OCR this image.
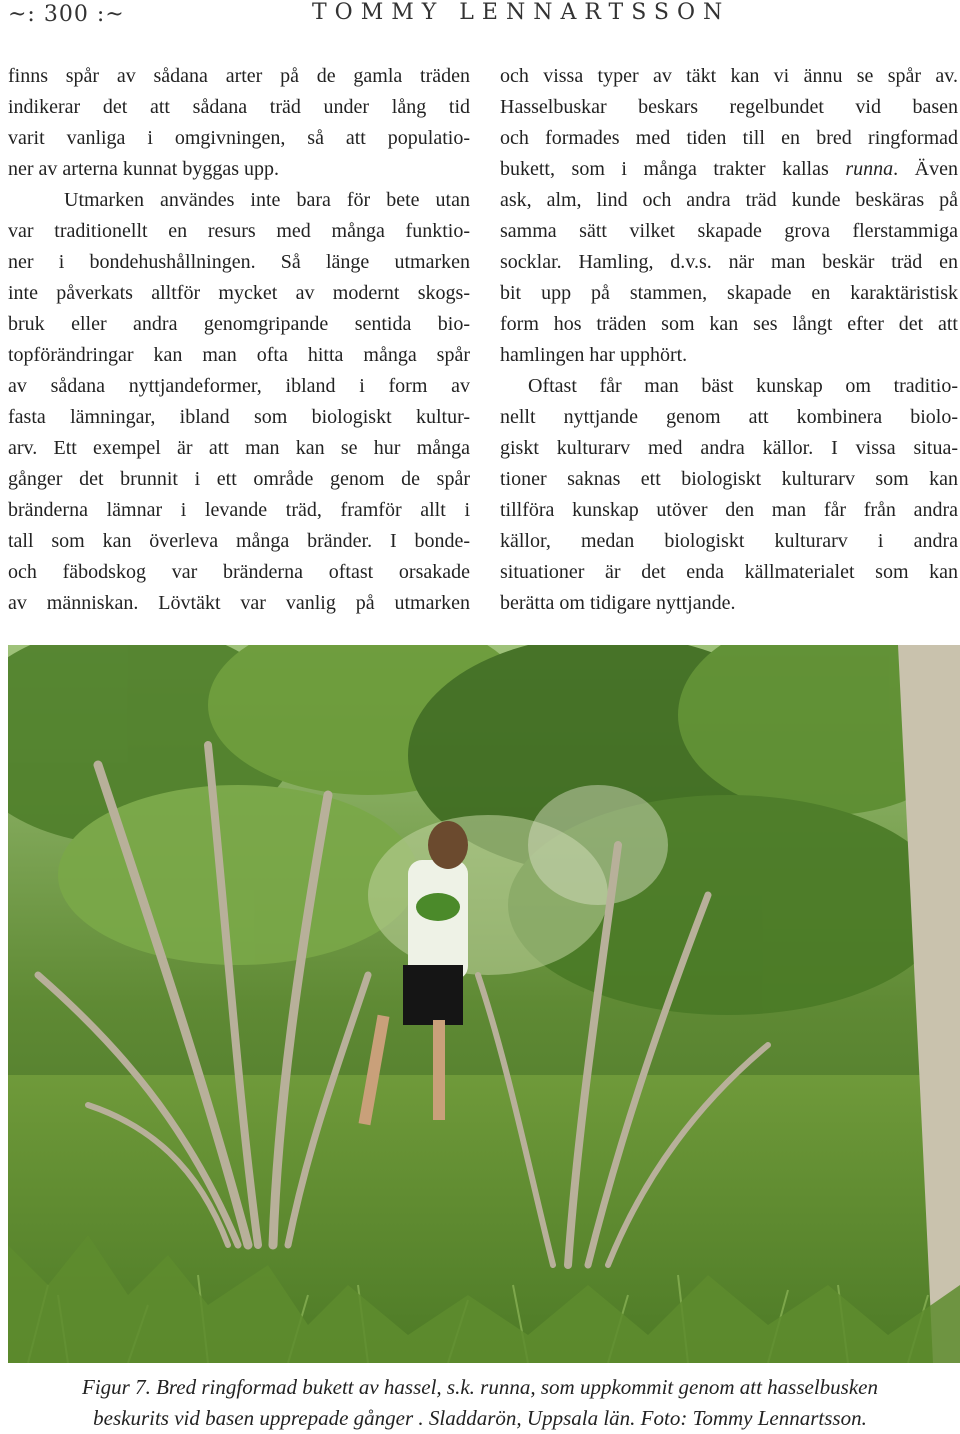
~: 300 :~	TOMMY LENNARTSSON

finns spår av sådana arter på de gamla träden
indikerar det att sådana träd under lång tid
varit vanliga i omgivningen, så att populatio-
ner av arterna kunnat byggas upp.

Utmarken användes inte bara för bete utan
var traditionellt en resurs med många funktio-
ner i bondehushållningen. Så länge utmarken
inte påverkats alltför mycket av modernt skogs-
bruk eller andra genomgripande sentida bio-
topförändringar kan man ofta hitta många spår
av sådana nyttjandeformer, ibland i form av
fasta lämningar, ibland som biologiskt kultur-
arv. Ett exempel är att man kan se hur många
gånger det brunnit i ett område genom de spår
bränderna lämnar i levande träd, framför allt i
tall som kan överleva många bränder. I bonde-
och fäbodskog var bränderna oftast orsakade
av människan. Lövtäkt var vanlig på utmarken

och vissa typer av täkt kan vi ännu se spår av.
Hasselbuskar beskars regelbundet vid basen
och formades med tiden till en bred ringformad
bukett, som i många trakter kallas runna. Även
ask, alm, lind och andra träd kunde beskäras på
samma sätt vilket skapade grova flerstammiga
socklar. Hamling, d.v.s. när man beskär träd en
bit upp på stammen, skapade en karaktäristisk
form hos träden som kan ses långt efter det att
hamlingen har upphört.

Oftast får man bäst kunskap om traditio-
nellt nyttjande genom att kombinera biolo-
giskt kulturarv med andra källor. I vissa situa-
tioner saknas ett biologiskt kulturarv som kan
tillföra kunskap utöver den man får från andra
källor, medan biologiskt kulturarv i andra
situationer är det enda källmaterialet som kan
berätta om tidigare nyttjande.

Figur 7. Bred ringformad bukett av hassel, s.k. runna, som uppkommit genom att hasselbusken
beskurits vid basen upprepade gånger . Sladdarön, Uppsala län. Foto: Tommy Lennartsson.
